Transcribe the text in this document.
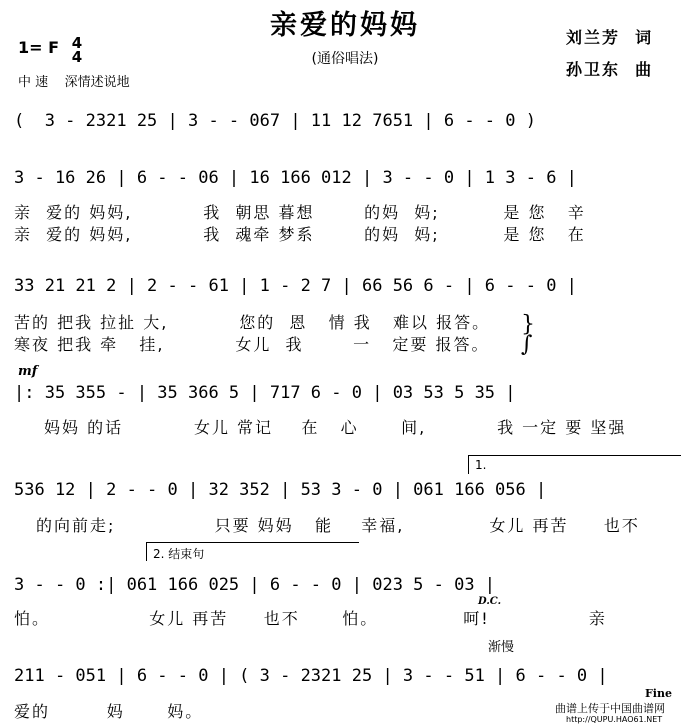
亲爱的妈妈
(通俗唱法)
刘兰芳  词
孙卫东  曲
1= F 4
4
中 速    深情述说地
(  3 - 2321 25 | 3 - - 067 | 11 12 7651 | 6 - - 0 )
3 - 16 26 | 6 - - 06 | 16 166 012 | 3 - - 0 | 1 3 - 6 |
亲  爱的 妈妈,          我  朝思 暮想       的妈  妈;         是 您   辛
亲  爱的 妈妈,          我  魂牵 梦系       的妈  妈;         是 您   在
33 21 21 2 | 2 - - 61 | 1 - 2 7 | 66 56 6 - | 6 - - 0 |
苦的 把我 拉扯 大,          您的  恩   情 我   难以 报答。
寒夜 把我 牵   挂,          女儿  我       一   定要 报答。
}
∫
mf
|: 35 355 - | 35 366 5 | 717 6 - 0 | 03 53 5 35 |
妈妈 的话          女儿 常记    在   心      间,          我 一定 要 坚强
1.
536 12 | 2 - - 0 | 32 352 | 53 3 - 0 | 061 166 056 |
的向前走;              只要 妈妈   能    幸福,            女儿 再苦     也不
2. 结束句
3 - - 0 :| 061 166 025 | 6 - - 0 | 023 5 - 03 |
D.C.
怕。              女儿 再苦     也不      怕。            呵!              亲
渐慢
211 - 051 | 6 - - 0 | ( 3 - 2321 25 | 3 - - 51 | 6 - - 0 |
爱的        妈      妈。
Fine
曲谱上传于中国曲谱网
http://QUPU.HAO61.NET
